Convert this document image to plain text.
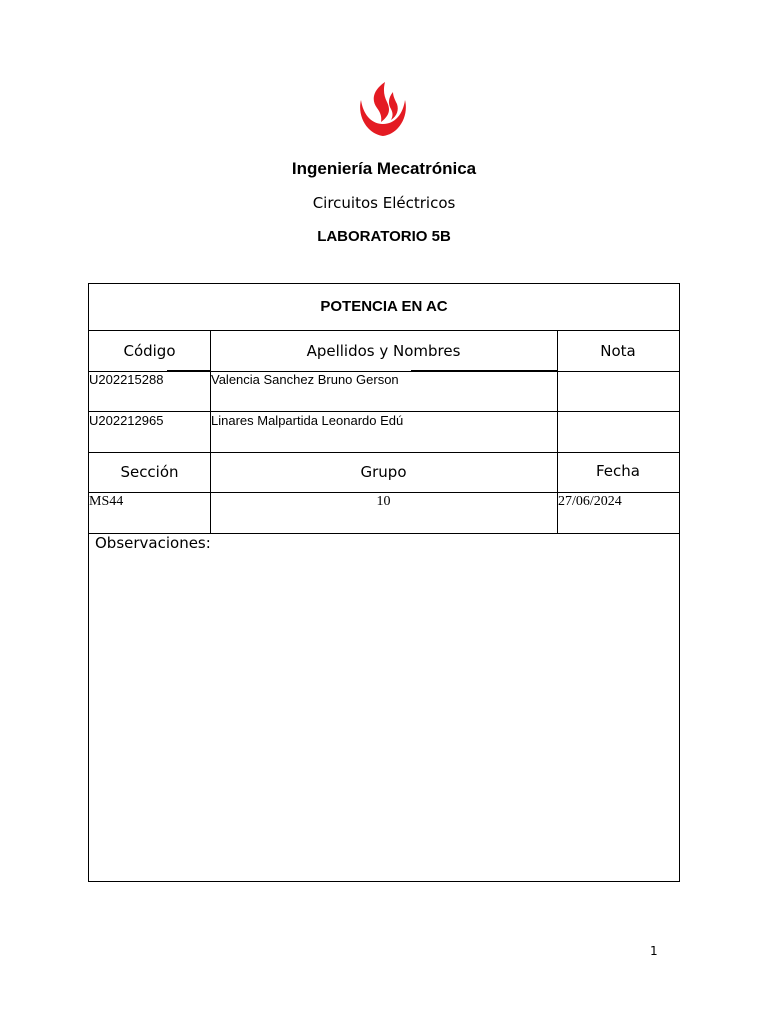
Ingeniería Mecatrónica
Circuitos Eléctricos
LABORATORIO 5B
POTENCIA EN AC
Código	Apellidos y Nombres	Nota
U202215288	Valencia Sanchez Bruno Gerson
U202212965	Linares Malpartida Leonardo Edú
Sección	Grupo	Fecha
MS44	10	27/06/2024
Observaciones:
1
